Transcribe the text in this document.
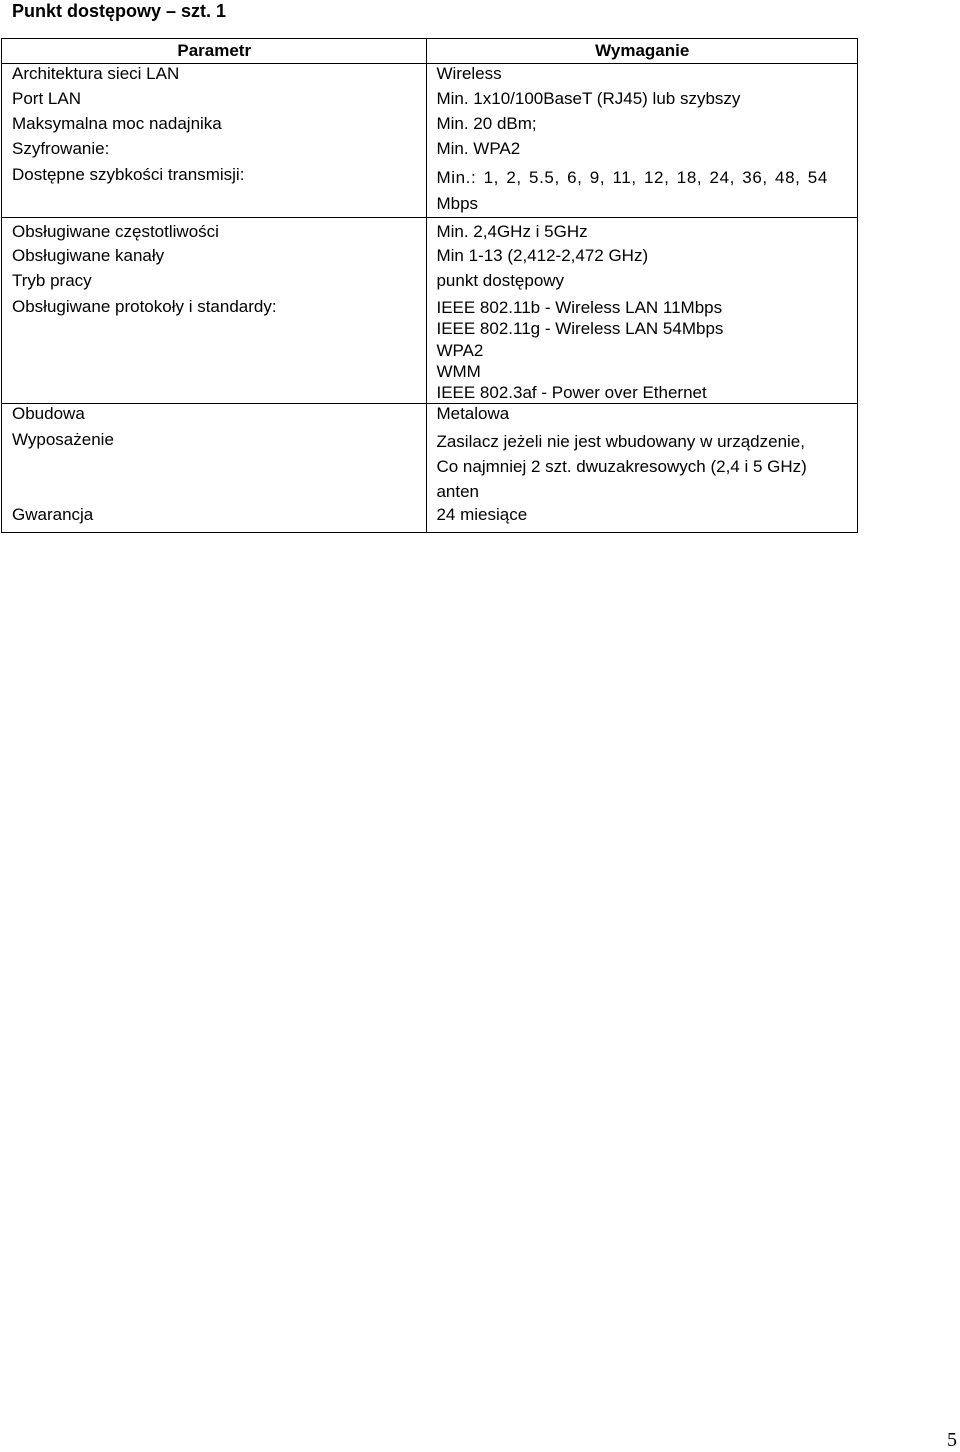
Punkt dostępowy – szt. 1
Parametr	Wymaganie
Architektura sieci LAN	Wireless

Port LAN	Min. 1x10/100BaseT (RJ45) lub szybszy

Maksymalna moc nadajnika	Min. 20 dBm;

Szyfrowanie:	Min. WPA2

Dostępne szybkości transmisji:	Min.: 1, 2, 5.5, 6, 9, 11, 12, 18, 24, 36, 48, 54
Mbps

Obsługiwane częstotliwości	Min. 2,4GHz i 5GHz

Obsługiwane kanały	Min 1-13 (2,412-2,472 GHz)

Tryb pracy	punkt dostępowy

Obsługiwane protokoły i standardy:	IEEE 802.11b - Wireless LAN 11Mbps
IEEE 802.11g - Wireless LAN 54Mbps
WPA2
WMM
IEEE 802.3af - Power over Ethernet

Obudowa	Metalowa

Wyposażenie	Zasilacz jeżeli nie jest wbudowany w urządzenie,
Co najmniej 2 szt. dwuzakresowych (2,4 i 5 GHz)
anten

Gwarancja	24 miesiące
5
